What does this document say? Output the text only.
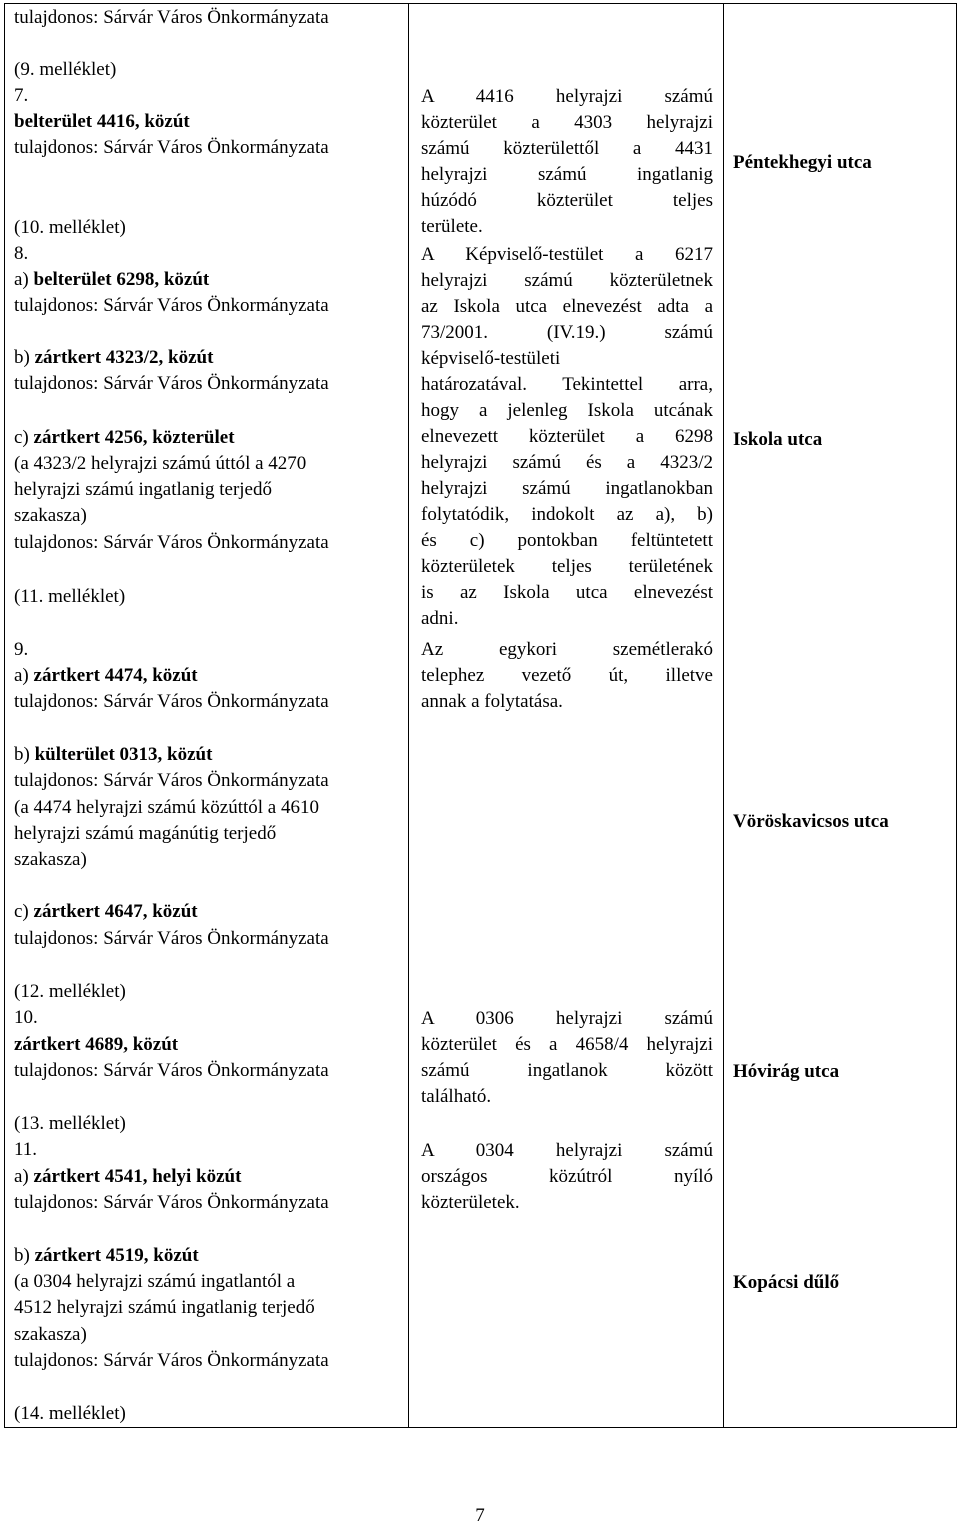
tulajdonos: Sárvár Város Önkormányzata
(9. melléklet)
7.
belterület 4416, közút
tulajdonos: Sárvár Város Önkormányzata
(10. melléklet)
8.
a) belterület 6298, közút
tulajdonos: Sárvár Város Önkormányzata
b) zártkert 4323/2, közút
tulajdonos: Sárvár Város Önkormányzata
c) zártkert 4256, közterület
(a 4323/2 helyrajzi számú úttól a 4270
helyrajzi számú ingatlanig terjedő
szakasza)
tulajdonos: Sárvár Város Önkormányzata
(11. melléklet)
9.
a) zártkert 4474, közút
tulajdonos: Sárvár Város Önkormányzata
b) külterület 0313, közút
tulajdonos: Sárvár Város Önkormányzata
(a 4474 helyrajzi számú közúttól a 4610
helyrajzi számú magánútig terjedő
szakasza)
c) zártkert 4647, közút
tulajdonos: Sárvár Város Önkormányzata
(12. melléklet)
10.
zártkert 4689, közút
tulajdonos: Sárvár Város Önkormányzata
(13. melléklet)
11.
a) zártkert 4541, helyi közút
tulajdonos: Sárvár Város Önkormányzata
b) zártkert 4519, közút
(a 0304 helyrajzi számú ingatlantól a
4512 helyrajzi számú ingatlanig terjedő
szakasza)
tulajdonos: Sárvár Város Önkormányzata
(14. melléklet)
A 4416 helyrajzi számú
közterület a 4303 helyrajzi
számú közterülettől a 4431
helyrajzi számú ingatlanig
húzódó közterület teljes
területe.
A Képviselő-testület a 6217
helyrajzi számú közterületnek
az Iskola utca elnevezést adta a
73/2001. (IV.19.) számú
képviselő-testületi
határozatával. Tekintettel arra,
hogy a jelenleg Iskola utcának
elnevezett közterület a 6298
helyrajzi számú és a 4323/2
helyrajzi számú ingatlanokban
folytatódik, indokolt az a), b)
és c) pontokban feltüntetett
közterületek teljes területének
is az Iskola utca elnevezést
adni.
Az egykori szemétlerakó
telephez vezető út, illetve
annak a folytatása.
A 0306 helyrajzi számú
közterület és a 4658/4 helyrajzi
számú ingatlanok között
található.
A 0304 helyrajzi számú
országos közútról nyíló
közterületek.
Péntekhegyi utca
Iskola utca
Vöröskavicsos utca
Hóvirág utca
Kopácsi dűlő
7
